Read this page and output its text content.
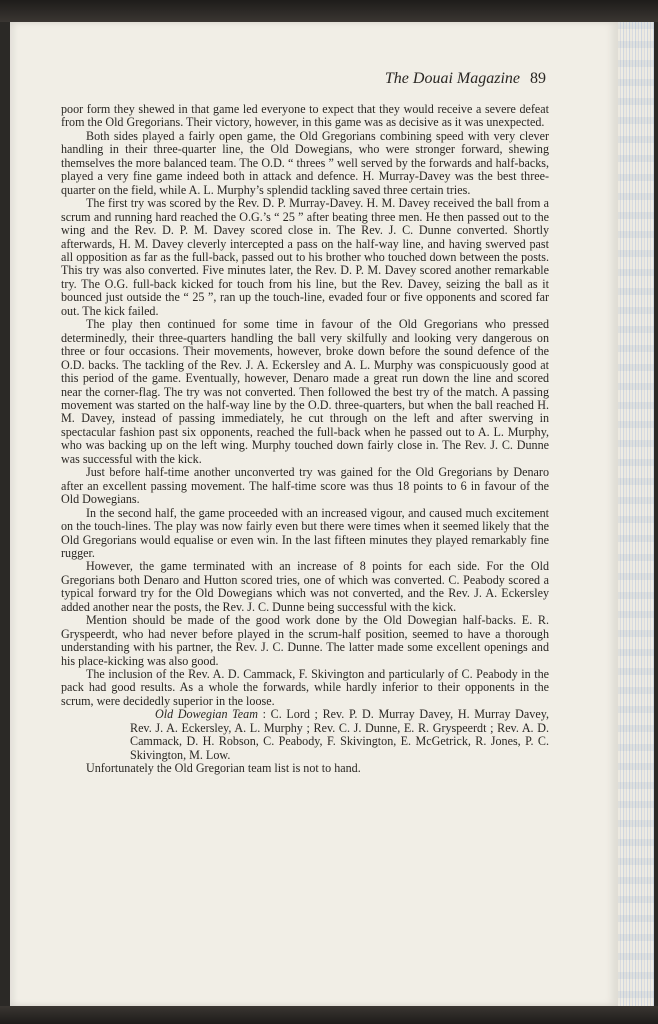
The Douai Magazine 89

poor form they shewed in that game led everyone to expect that they would receive a severe defeat from the Old Gregorians. Their victory, however, in this game was as decisive as it was unexpected.

Both sides played a fairly open game, the Old Gregorians combining speed with very clever handling in their three-quarter line, the Old Dowegians, who were stronger forward, shewing themselves the more balanced team. The O.D. “ threes ” well served by the forwards and half-backs, played a very fine game indeed both in attack and defence. H. Murray-Davey was the best three-quarter on the field, while A. L. Murphy’s splendid tackling saved three certain tries.

The first try was scored by the Rev. D. P. Murray-Davey. H. M. Davey received the ball from a scrum and running hard reached the O.G.’s “ 25 ” after beating three men. He then passed out to the wing and the Rev. D. P. M. Davey scored close in. The Rev. J. C. Dunne converted. Shortly afterwards, H. M. Davey cleverly intercepted a pass on the half-way line, and having swerved past all opposition as far as the full-back, passed out to his brother who touched down between the posts. This try was also converted. Five minutes later, the Rev. D. P. M. Davey scored another remarkable try. The O.G. full-back kicked for touch from his line, but the Rev. Davey, seizing the ball as it bounced just outside the “ 25 ”, ran up the touch-line, evaded four or five opponents and scored far out. The kick failed.

The play then continued for some time in favour of the Old Gregorians who pressed determinedly, their three-quarters handling the ball very skilfully and looking very dangerous on three or four occasions. Their movements, however, broke down before the sound defence of the O.D. backs. The tackling of the Rev. J. A. Eckersley and A. L. Murphy was conspicuously good at this period of the game. Eventually, however, Denaro made a great run down the line and scored near the corner-flag. The try was not converted. Then followed the best try of the match. A passing movement was started on the half-way line by the O.D. three-quarters, but when the ball reached H. M. Davey, instead of passing immediately, he cut through on the left and after swerving in spectacular fashion past six opponents, reached the full-back when he passed out to A. L. Murphy, who was backing up on the left wing. Murphy touched down fairly close in. The Rev. J. C. Dunne was successful with the kick.

Just before half-time another unconverted try was gained for the Old Gregorians by Denaro after an excellent passing movement. The half-time score was thus 18 points to 6 in favour of the Old Dowegians.

In the second half, the game proceeded with an increased vigour, and caused much excitement on the touch-lines. The play was now fairly even but there were times when it seemed likely that the Old Gregorians would equalise or even win. In the last fifteen minutes they played remarkably fine rugger.

However, the game terminated with an increase of 8 points for each side. For the Old Gregorians both Denaro and Hutton scored tries, one of which was converted. C. Peabody scored a typical forward try for the Old Dowegians which was not converted, and the Rev. J. A. Eckersley added another near the posts, the Rev. J. C. Dunne being successful with the kick.

Mention should be made of the good work done by the Old Dowegian half-backs. E. R. Gryspeerdt, who had never before played in the scrum-half position, seemed to have a thorough understanding with his partner, the Rev. J. C. Dunne. The latter made some excellent openings and his place-kicking was also good.

The inclusion of the Rev. A. D. Cammack, F. Skivington and particularly of C. Peabody in the pack had good results. As a whole the forwards, while hardly inferior to their opponents in the scrum, were decidedly superior in the loose.

Old Dowegian Team : C. Lord ; Rev. P. D. Murray Davey, H. Murray Davey, Rev. J. A. Eckersley, A. L. Murphy ; Rev. C. J. Dunne, E. R. Gryspeerdt ; Rev. A. D. Cammack, D. H. Robson, C. Peabody, F. Skivington, E. McGetrick, R. Jones, P. C. Skivington, M. Low.

Unfortunately the Old Gregorian team list is not to hand.
